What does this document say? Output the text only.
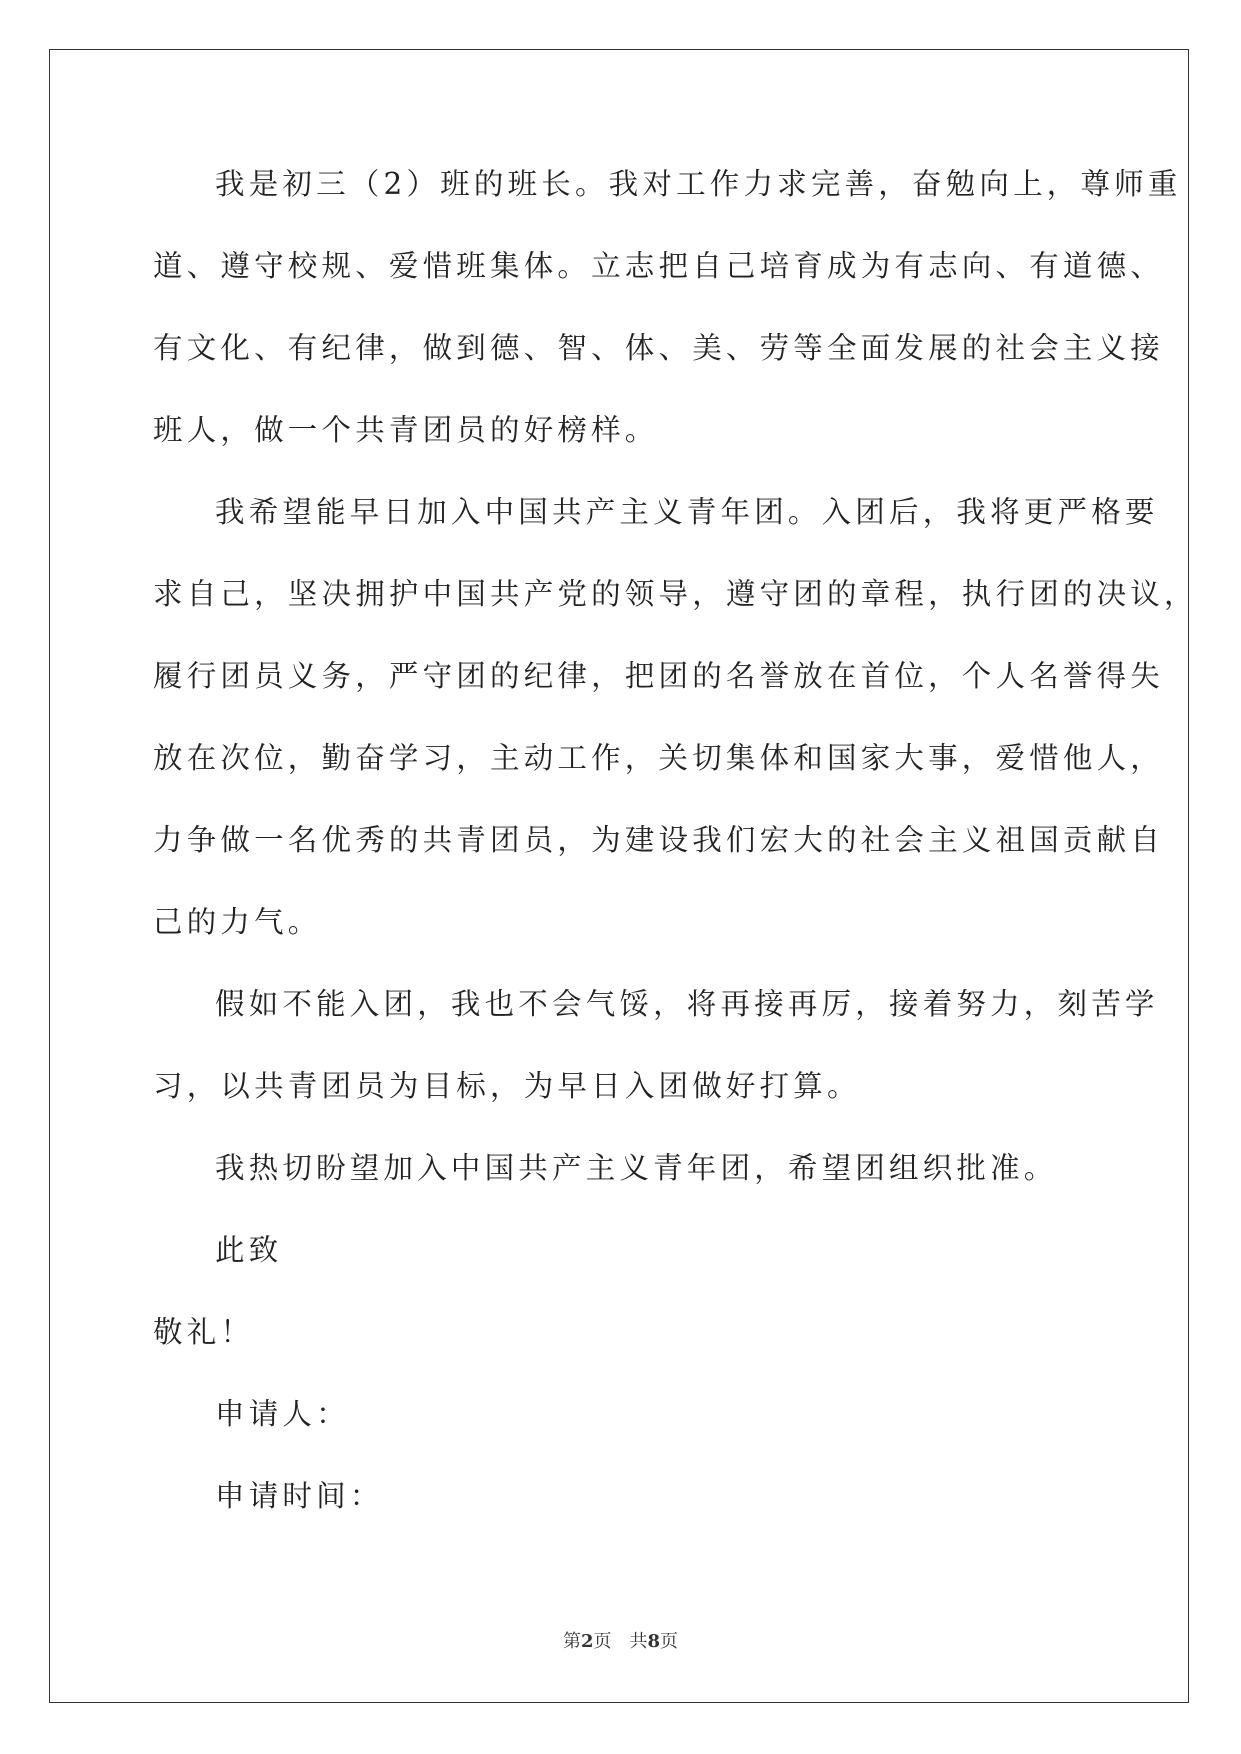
我是初三（2）班的班长。我对工作力求完善，奋勉向上，尊师重

道、遵守校规、爱惜班集体。立志把自己培育成为有志向、有道德、

有文化、有纪律，做到德、智、体、美、劳等全面发展的社会主义接

班人，做一个共青团员的好榜样。

我希望能早日加入中国共产主义青年团。入团后，我将更严格要

求自己，坚决拥护中国共产党的领导，遵守团的章程，执行团的决议，

履行团员义务，严守团的纪律，把团的名誉放在首位，个人名誉得失

放在次位，勤奋学习，主动工作，关切集体和国家大事，爱惜他人，

力争做一名优秀的共青团员，为建设我们宏大的社会主义祖国贡献自

己的力气。

假如不能入团，我也不会气馁，将再接再厉，接着努力，刻苦学

习，以共青团员为目标，为早日入团做好打算。

我热切盼望加入中国共产主义青年团，希望团组织批准。

此致

敬礼！

申请人：

申请时间：

第2页 共8页
